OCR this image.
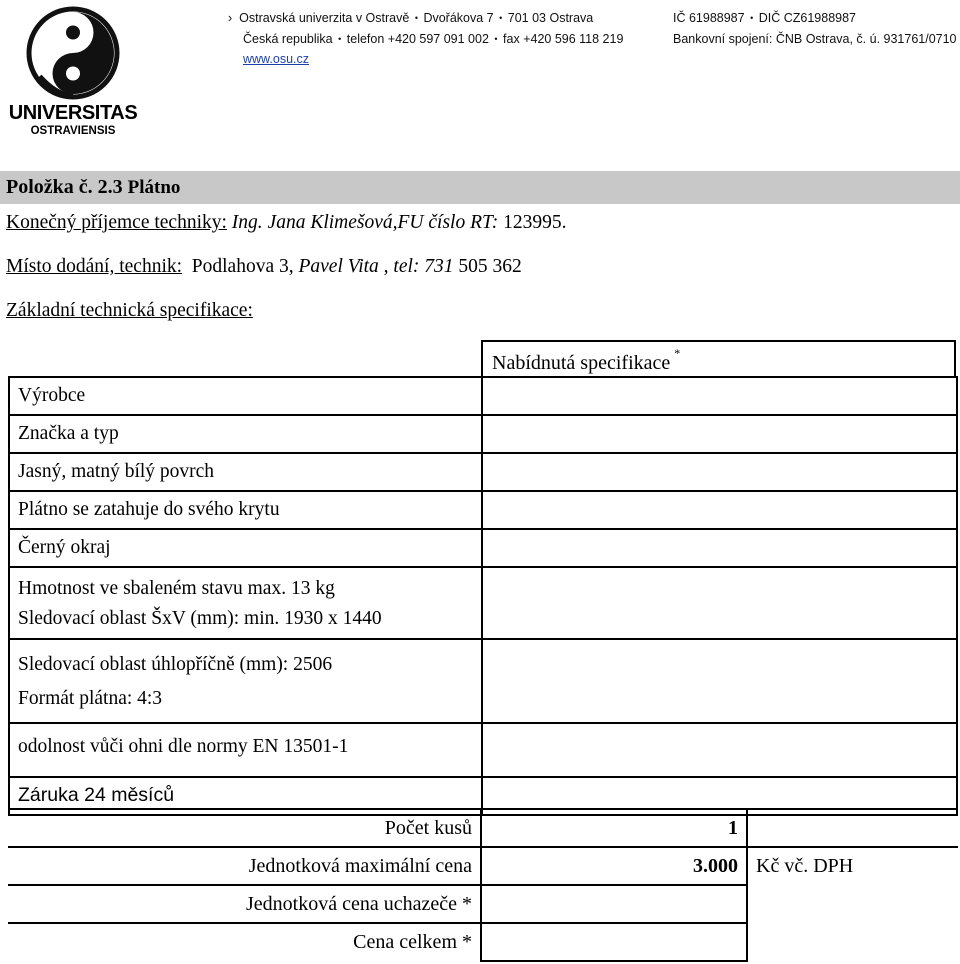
UNIVERSITAS
OSTRAVIENSIS
› Ostravská univerzita v Ostravě • Dvořákova 7 • 701 03 Ostrava
Česká republika • telefon +420 597 091 002 • fax +420 596 118 219
www.osu.cz
IČ 61988987 • DIČ CZ61988987
Bankovní spojení: ČNB Ostrava, č. ú. 931761/0710
Položka č. 2.3 Plátno
Konečný příjemce techniky: Ing. Jana Klimešová,FU číslo RT: 123995.
Místo dodání, technik: Podlahova 3, Pavel Vita , tel: 731 505 362
Základní technická specifikace:
Nabídnutá specifikace *
Výrobce	
Značka a typ	
Jasný, matný bílý povrch	
Plátno se zatahuje do svého krytu	
Černý okraj	

Hmotnost ve sbaleném stavu max. 13 kg
Sledovací oblast ŠxV (mm): min. 1930 x 1440	

Sledovací oblast úhlopříčně (mm): 2506
Formát plátna: 4:3	

odolnost vůči ohni dle normy EN 13501-1	
Záruka 24 měsíců	
Počet kusů	1	
Jednotková maximální cena	3.000	Kč vč. DPH
Jednotková cena uchazeče *		
Cena celkem *		
